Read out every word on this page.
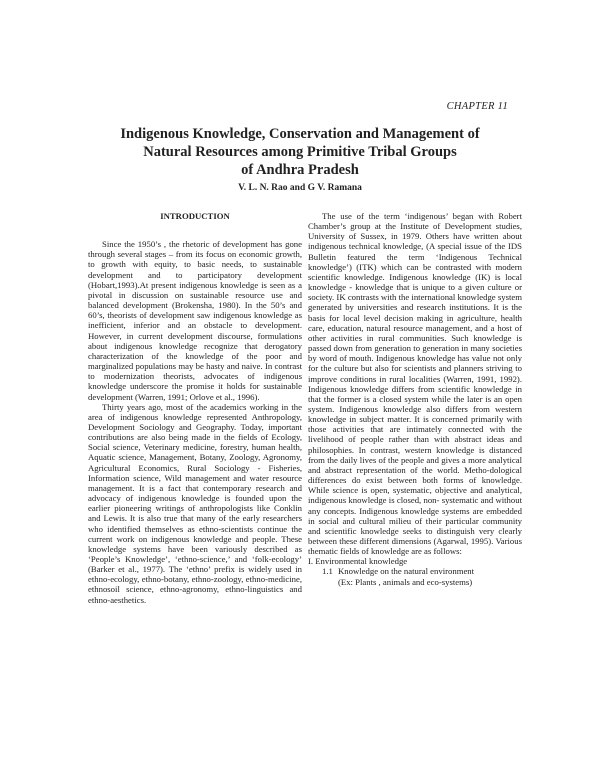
CHAPTER 11
Indigenous Knowledge, Conservation and Management of
Natural Resources among Primitive Tribal Groups
of Andhra Pradesh
V. L. N. Rao and G V. Ramana
INTRODUCTION

Since the 1950’s , the rhetoric of development has gone through several stages – from its focus on economic growth, to growth with equity, to basic needs, to sustainable development and to participatory development (Hobart,1993).At present indigenous knowledge is seen as a pivotal in discussion on sustainable resource use and balanced development (Brokensha, 1980). In the 50’s and 60’s, theorists of development saw indigenous knowledge as inefficient, inferior and an obstacle to development. However, in current development discourse, formulations about indigenous knowledge recognize that derogatory characterization of the knowledge of the poor and marginalized populations may be hasty and naive. In contrast to modernization theorists, advocates of indigenous knowledge underscore the promise it holds for sustainable development (Warren, 1991; Orlove et al., 1996).

Thirty years ago, most of the academics working in the area of indigenous knowledge represented Anthropology, Development Sociology and Geography. Today, important contributions are also being made in the fields of Ecology, Social science, Veterinary medicine, forestry, human health, Aquatic science, Management, Botany, Zoology, Agronomy, Agricultural Economics, Rural Sociology - Fisheries, Information science, Wild management and water resource management. It is a fact that contemporary research and advocacy of indigenous knowledge is founded upon the earlier pioneering writings of anthropologists like Conklin and Lewis. It is also true that many of the early researchers who identified themselves as ethno-scientists continue the current work on indigenous knowledge and people. These knowledge systems have been variously described as ‘People’s Knowledge’, ‘ethno-science,’ and ‘folk-ecology’ (Barker et al., 1977). The ‘ethno’ prefix is widely used in ethno-ecology, ethno-botany, ethno-zoology, ethno-medicine, ethnosoil science, ethno-agronomy, ethno-linguistics and ethno-aesthetics.

The use of the term ‘indigenous’ began with Robert Chamber’s group at the Institute of Development studies, University of Sussex, in 1979. Others have written about indigenous technical knowledge, (A special issue of the IDS Bulletin featured the term ‘Indigenous Technical knowledge’) (ITK) which can be contrasted with modern scientific knowledge. Indigenous knowledge (IK) is local knowledge - knowledge that is unique to a given culture or society. IK contrasts with the international knowledge system generated by universities and research institutions. It is the basis for local level decision making in agriculture, health care, education, natural resource management, and a host of other activities in rural communities. Such knowledge is passed down from generation to generation in many societies by word of mouth. Indigenous knowledge has value not only for the culture but also for scientists and planners striving to improve conditions in rural localities (Warren, 1991, 1992). Indigenous knowledge differs from scientific knowledge in that the former is a closed system while the later is an open system. Indigenous knowledge also differs from western knowledge in subject matter. It is concerned primarily with those activities that are intimately connected with the livelihood of people rather than with abstract ideas and philosophies. In contrast, western knowledge is distanced from the daily lives of the people and gives a more analytical and abstract representation of the world. Metho-dological differences do exist between both forms of knowledge. While science is open, systematic, objective and analytical, indigenous knowledge is closed, non- systematic and without any concepts. Indigenous knowledge systems are embedded in social and cultural milieu of their particular community and scientific knowledge seeks to distinguish very clearly between these different dimensions (Agarwal, 1995). Various thematic fields of knowledge are as follows:

I. Environmental knowledge
1.1 Knowledge on the natural environment
(Ex: Plants , animals and eco-systems)
